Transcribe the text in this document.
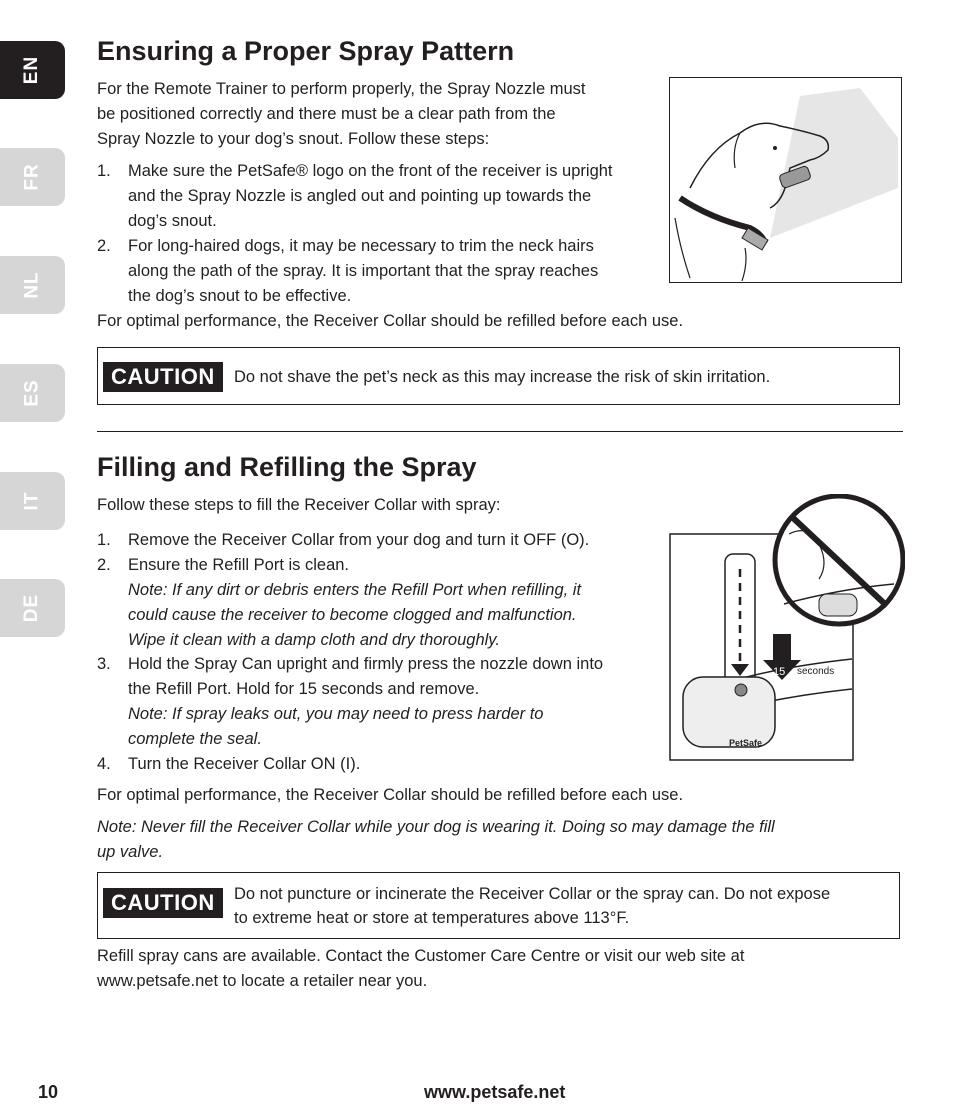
EN
FR
NL
ES
IT
DE
Ensuring a Proper Spray Pattern
For the Remote Trainer to perform properly, the Spray Nozzle must
be positioned correctly and there must be a clear path from the
Spray Nozzle to your dog’s snout. Follow these steps:
1. Make sure the PetSafe® logo on the front of the receiver is upright
and the Spray Nozzle is angled out and pointing up towards the
dog’s snout.
2. For long-haired dogs, it may be necessary to trim the neck hairs
along the path of the spray. It is important that the spray reaches
the dog’s snout to be effective.
For optimal performance, the Receiver Collar should be refilled before each use.
CAUTION	Do not shave the pet’s neck as this may increase the risk of skin irritation.
Filling and Refilling the Spray
Follow these steps to fill the Receiver Collar with spray:
1. Remove the Receiver Collar from your dog and turn it OFF (O).
2. Ensure the Refill Port is clean.
Note: If any dirt or debris enters the Refill Port when refilling, it
could cause the receiver to become clogged and malfunction.
Wipe it clean with a damp cloth and dry thoroughly.
3. Hold the Spray Can upright and firmly press the nozzle down into
the Refill Port. Hold for 15 seconds and remove.
Note: If spray leaks out, you may need to press harder to
complete the seal.
4. Turn the Receiver Collar ON (I).
For optimal performance, the Receiver Collar should be refilled before each use.
Note: Never fill the Receiver Collar while your dog is wearing it. Doing so may damage the fill
up valve.
PetSafe
15 seconds
CAUTION	Do not puncture or incinerate the Receiver Collar or the spray can. Do not expose
to extreme heat or store at temperatures above 113°F.
Refill spray cans are available. Contact the Customer Care Centre or visit our web site at
www.petsafe.net to locate a retailer near you.
10	www.petsafe.net
